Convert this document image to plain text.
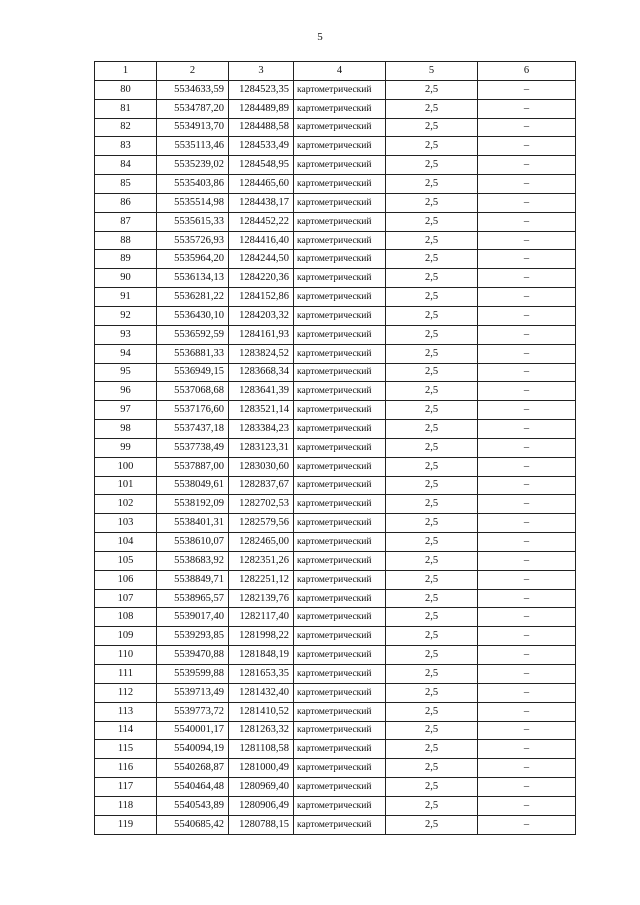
5
1	2	3	4	5	6
80	5534633,59	1284523,35	картометрический	2,5	–
81	5534787,20	1284489,89	картометрический	2,5	–
82	5534913,70	1284488,58	картометрический	2,5	–
83	5535113,46	1284533,49	картометрический	2,5	–
84	5535239,02	1284548,95	картометрический	2,5	–
85	5535403,86	1284465,60	картометрический	2,5	–
86	5535514,98	1284438,17	картометрический	2,5	–
87	5535615,33	1284452,22	картометрический	2,5	–
88	5535726,93	1284416,40	картометрический	2,5	–
89	5535964,20	1284244,50	картометрический	2,5	–
90	5536134,13	1284220,36	картометрический	2,5	–
91	5536281,22	1284152,86	картометрический	2,5	–
92	5536430,10	1284203,32	картометрический	2,5	–
93	5536592,59	1284161,93	картометрический	2,5	–
94	5536881,33	1283824,52	картометрический	2,5	–
95	5536949,15	1283668,34	картометрический	2,5	–
96	5537068,68	1283641,39	картометрический	2,5	–
97	5537176,60	1283521,14	картометрический	2,5	–
98	5537437,18	1283384,23	картометрический	2,5	–
99	5537738,49	1283123,31	картометрический	2,5	–
100	5537887,00	1283030,60	картометрический	2,5	–
101	5538049,61	1282837,67	картометрический	2,5	–
102	5538192,09	1282702,53	картометрический	2,5	–
103	5538401,31	1282579,56	картометрический	2,5	–
104	5538610,07	1282465,00	картометрический	2,5	–
105	5538683,92	1282351,26	картометрический	2,5	–
106	5538849,71	1282251,12	картометрический	2,5	–
107	5538965,57	1282139,76	картометрический	2,5	–
108	5539017,40	1282117,40	картометрический	2,5	–
109	5539293,85	1281998,22	картометрический	2,5	–
110	5539470,88	1281848,19	картометрический	2,5	–
111	5539599,88	1281653,35	картометрический	2,5	–
112	5539713,49	1281432,40	картометрический	2,5	–
113	5539773,72	1281410,52	картометрический	2,5	–
114	5540001,17	1281263,32	картометрический	2,5	–
115	5540094,19	1281108,58	картометрический	2,5	–
116	5540268,87	1281000,49	картометрический	2,5	–
117	5540464,48	1280969,40	картометрический	2,5	–
118	5540543,89	1280906,49	картометрический	2,5	–
119	5540685,42	1280788,15	картометрический	2,5	–
